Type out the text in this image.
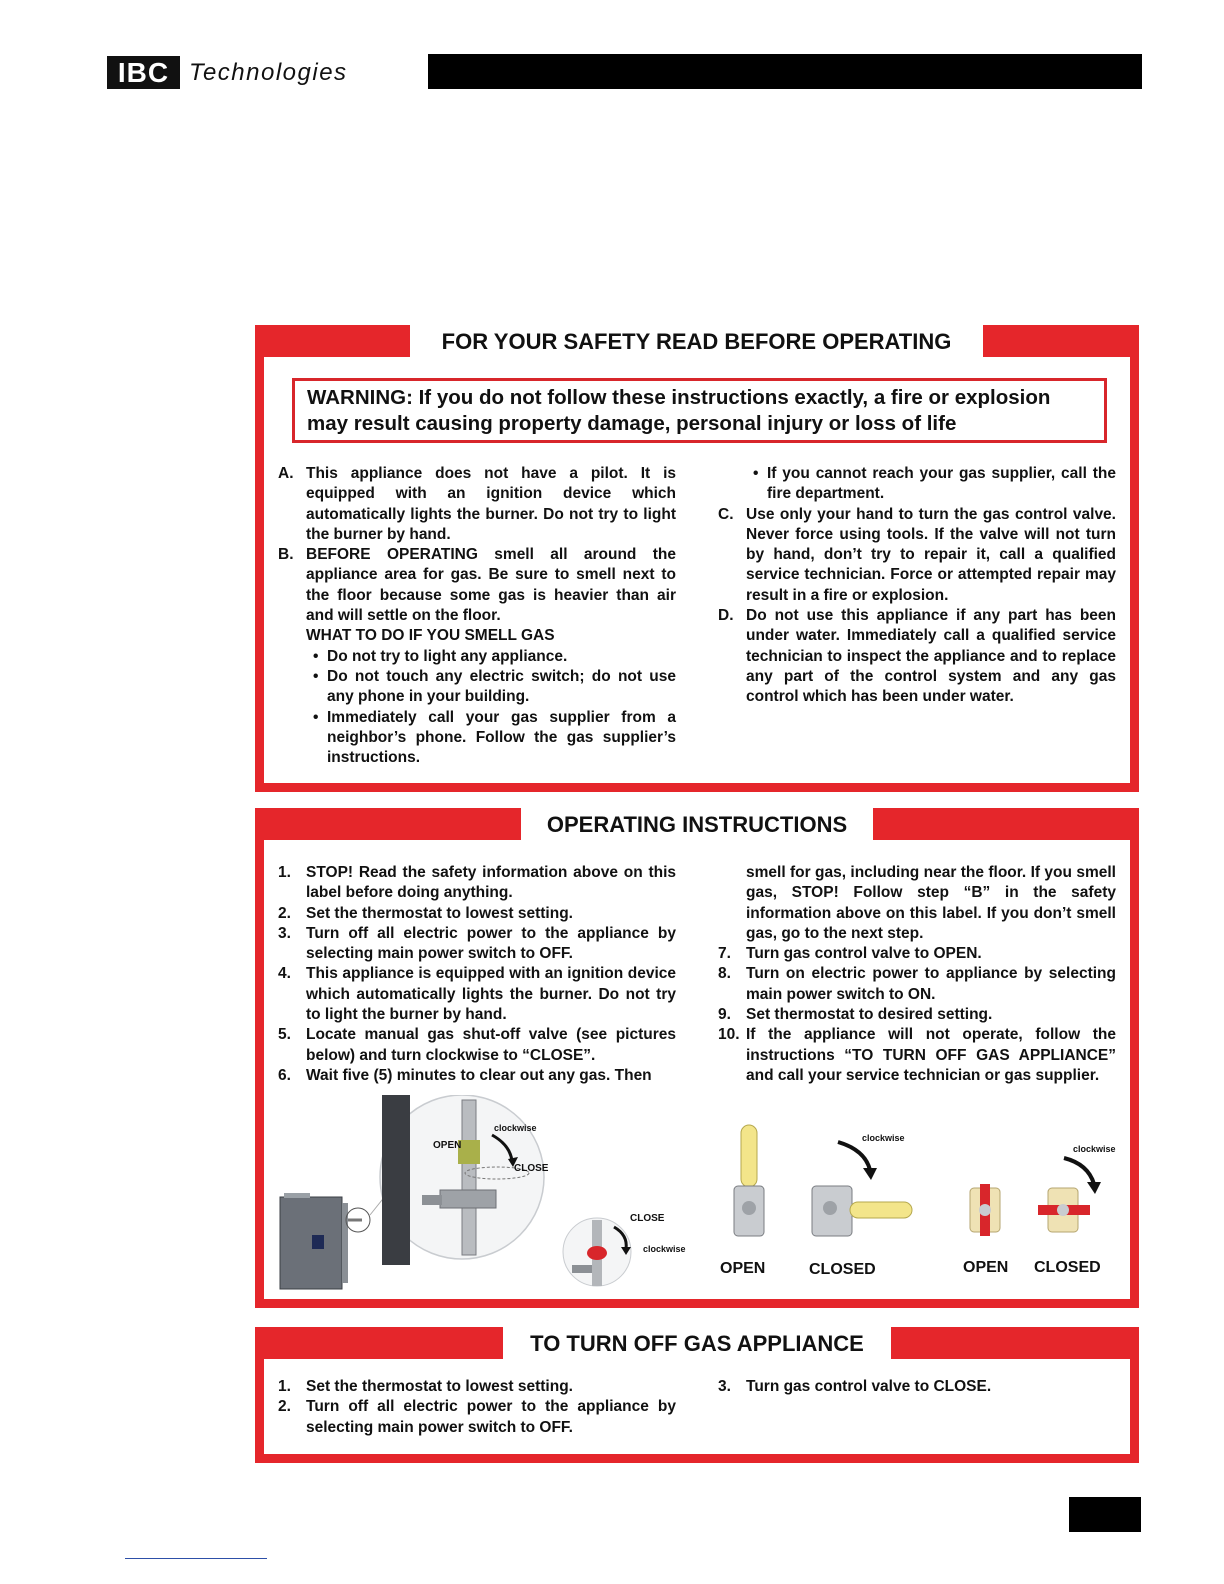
IBC Technologies
FOR YOUR SAFETY READ BEFORE OPERATING
WARNING: If you do not follow these instructions exactly, a fire or explosion may result causing property damage, personal injury or loss of life
A. This appliance does not have a pilot. It is equipped with an ignition device which automatically lights the burner. Do not try to light the burner by hand.
B. BEFORE OPERATING smell all around the appliance area for gas. Be sure to smell next to the floor because some gas is heavier than air and will settle on the floor.
WHAT TO DO IF YOU SMELL GAS
• Do not try to light any appliance.
• Do not touch any electric switch; do not use any phone in your building.
• Immediately call your gas supplier from a neighbor’s phone. Follow the gas supplier’s instructions.
• If you cannot reach your gas supplier, call the fire department.
C. Use only your hand to turn the gas control valve. Never force using tools. If the valve will not turn by hand, don’t try to repair it, call a qualified service technician. Force or attempted repair may result in a fire or explosion.
D. Do not use this appliance if any part has been under water. Immediately call a qualified service technician to inspect the appliance and to replace any part of the control system and any gas control which has been under water.
OPERATING INSTRUCTIONS
1. STOP! Read the safety information above on this label before doing anything.
2. Set the thermostat to lowest setting.
3. Turn off all electric power to the appliance by selecting main power switch to OFF.
4. This appliance is equipped with an ignition device which automatically lights the burner. Do not try to light the burner by hand.
5. Locate manual gas shut-off valve (see pictures below) and turn clockwise to “CLOSE”.
6. Wait five (5) minutes to clear out any gas. Then
smell for gas, including near the floor. If you smell gas, STOP! Follow step “B” in the safety information above on this label. If you don’t smell gas, go to the next step.
7. Turn gas control valve to OPEN.
8. Turn on electric power to appliance by selecting main power switch to ON.
9. Set thermostat to desired setting.
10. If the appliance will not operate, follow the instructions “TO TURN OFF GAS APPLIANCE” and call your service technician or gas supplier.
OPEN
CLOSE
clockwise
CLOSE
clockwise
clockwise
clockwise
OPEN	CLOSED	OPEN CLOSED
TO TURN OFF GAS APPLIANCE
1. Set the thermostat to lowest setting.
2. Turn off all electric power to the appliance by selecting main power switch to OFF.
3. Turn gas control valve to CLOSE.
